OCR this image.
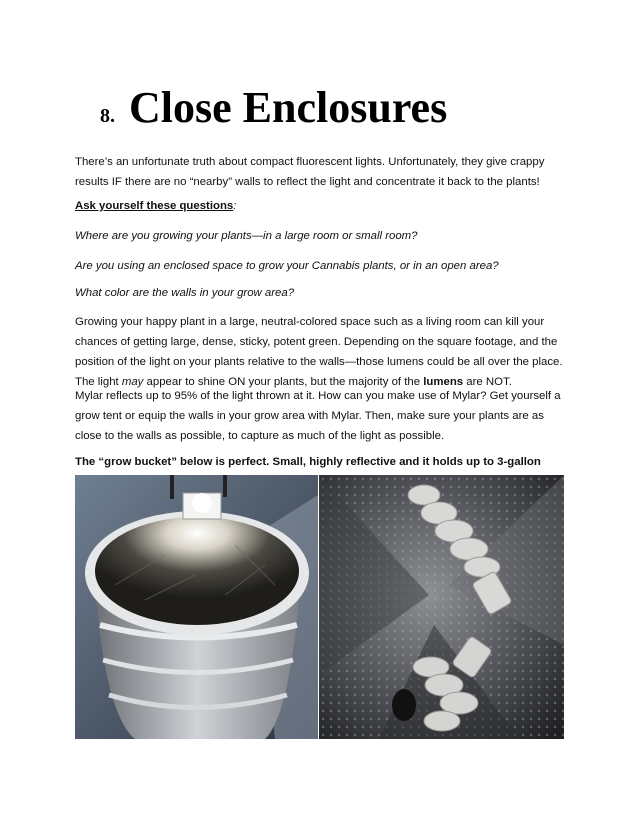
8. Close Enclosures

There’s an unfortunate truth about compact fluorescent lights. Unfortunately, they give crappy results IF there are no “nearby” walls to reflect the light and concentrate it back to the plants!

Ask yourself these questions:

Where are you growing your plants—in a large room or small room?

Are you using an enclosed space to grow your Cannabis plants, or in an open area?

What color are the walls in your grow area?

Growing your happy plant in a large, neutral-colored space such as a living room can kill your chances of getting large, dense, sticky, potent green. Depending on the square footage, and the position of the light on your plants relative to the walls—those lumens could be all over the place. The light may appear to shine ON your plants, but the majority of the lumens are NOT.

Mylar reflects up to 95% of the light thrown at it. How can you make use of Mylar? Get yourself a grow tent or equip the walls in your grow area with Mylar. Then, make sure your plants are as close to the walls as possible, to capture as much of the light as possible.

The “grow bucket” below is perfect. Small, highly reflective and it holds up to 3-gallon
